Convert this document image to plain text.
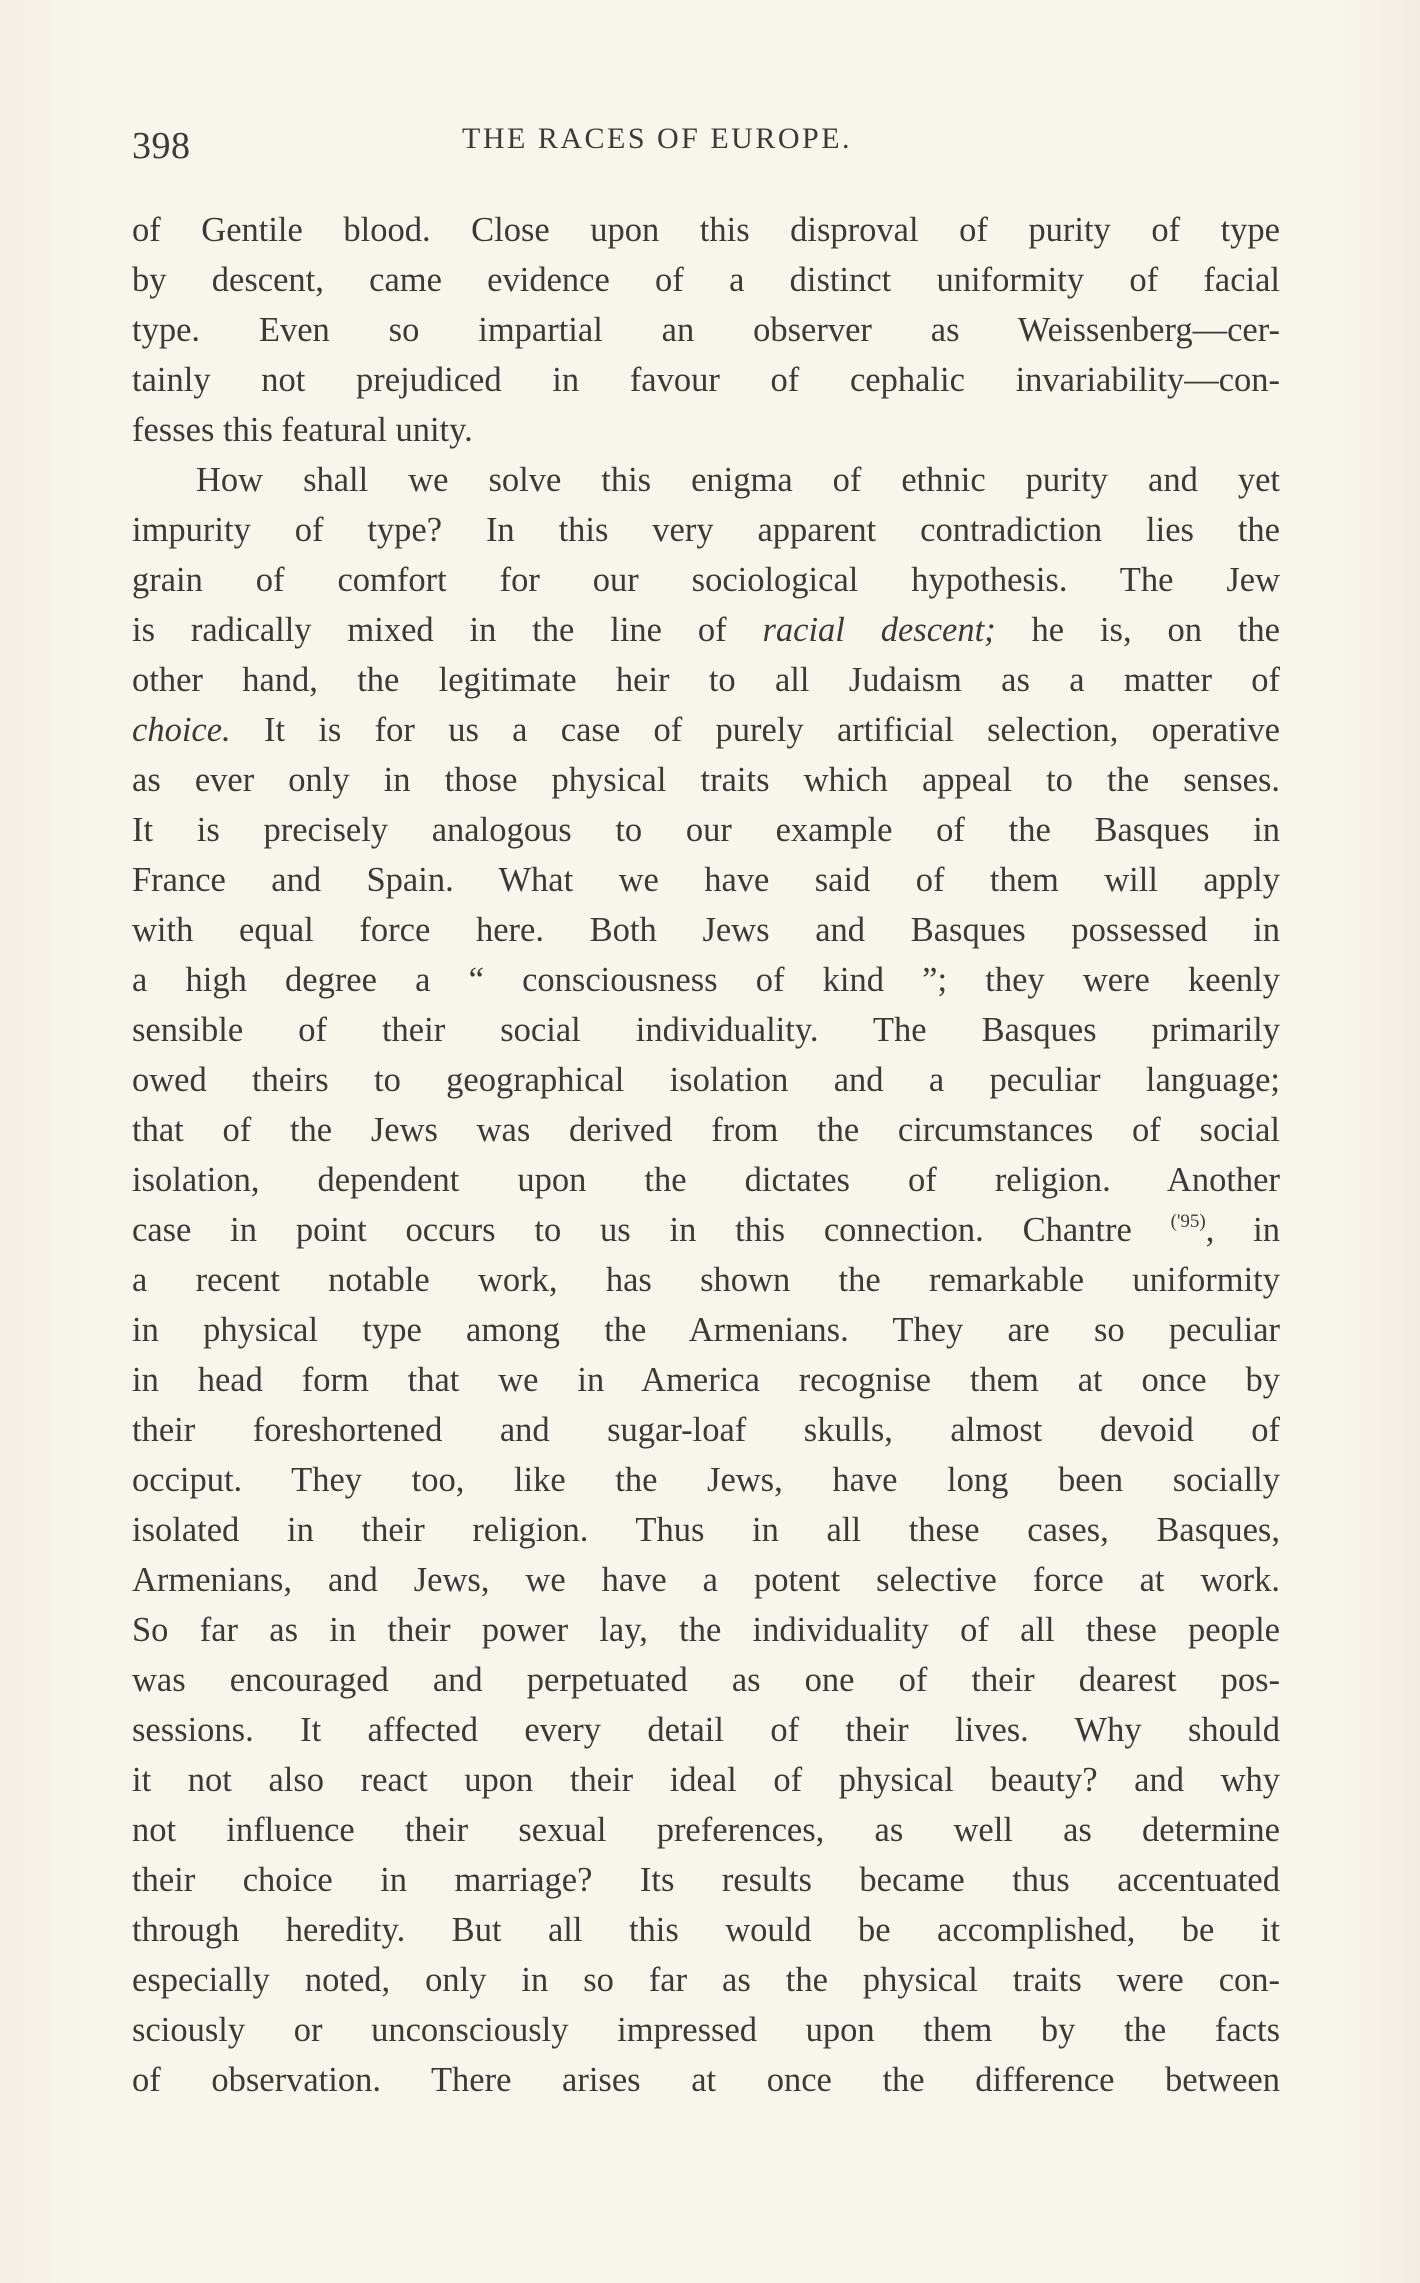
398	THE RACES OF EUROPE.
of Gentile blood. Close upon this disproval of purity of type
by descent, came evidence of a distinct uniformity of facial
type. Even so impartial an observer as Weissenberg—cer-
tainly not prejudiced in favour of cephalic invariability—con-
fesses this featural unity.
How shall we solve this enigma of ethnic purity and yet
impurity of type? In this very apparent contradiction lies the
grain of comfort for our sociological hypothesis. The Jew
is radically mixed in the line of racial descent; he is, on the
other hand, the legitimate heir to all Judaism as a matter of
choice. It is for us a case of purely artificial selection, operative
as ever only in those physical traits which appeal to the senses.
It is precisely analogous to our example of the Basques in
France and Spain. What we have said of them will apply
with equal force here. Both Jews and Basques possessed in
a high degree a “ consciousness of kind ”; they were keenly
sensible of their social individuality. The Basques primarily
owed theirs to geographical isolation and a peculiar language;
that of the Jews was derived from the circumstances of social
isolation, dependent upon the dictates of religion. Another
case in point occurs to us in this connection. Chantre $^{('95)}$, in
a recent notable work, has shown the remarkable uniformity
in physical type among the Armenians. They are so peculiar
in head form that we in America recognise them at once by
their foreshortened and sugar-loaf skulls, almost devoid of
occiput. They too, like the Jews, have long been socially
isolated in their religion. Thus in all these cases, Basques,
Armenians, and Jews, we have a potent selective force at work.
So far as in their power lay, the individuality of all these people
was encouraged and perpetuated as one of their dearest pos-
sessions. It affected every detail of their lives. Why should
it not also react upon their ideal of physical beauty? and why
not influence their sexual preferences, as well as determine
their choice in marriage? Its results became thus accentuated
through heredity. But all this would be accomplished, be it
especially noted, only in so far as the physical traits were con-
sciously or unconsciously impressed upon them by the facts
of observation. There arises at once the difference between
